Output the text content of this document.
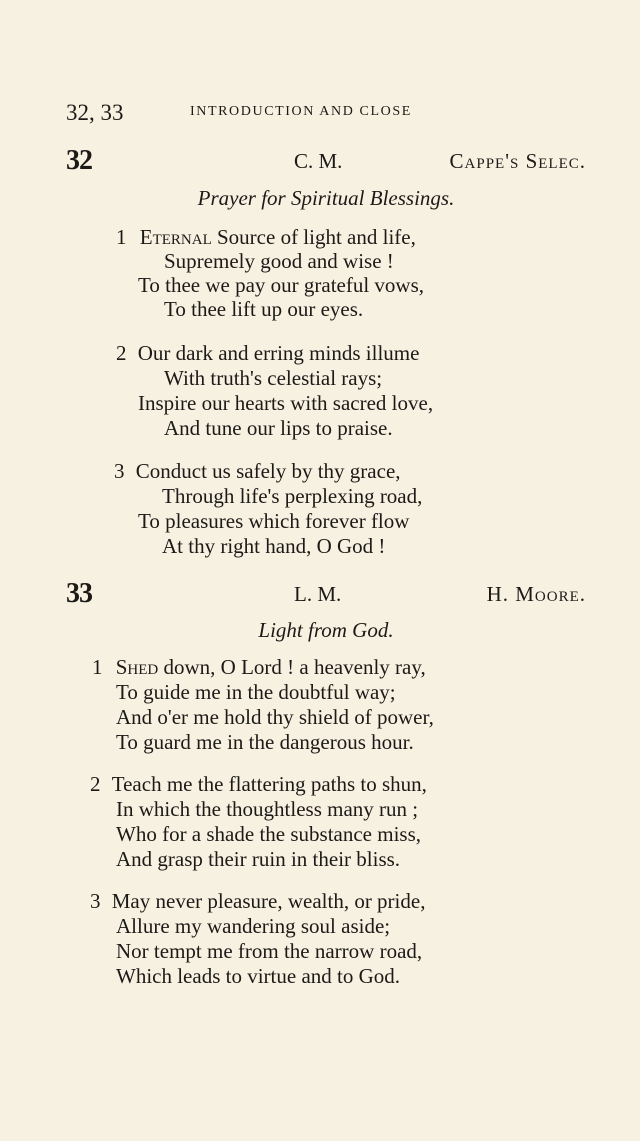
32, 33	INTRODUCTION AND CLOSE
32	C. M.	Cappe's Selec.
Prayer for Spiritual Blessings.
1 Eternal Source of light and life,
Supremely good and wise !
To thee we pay our grateful vows,
To thee lift up our eyes.
2 Our dark and erring minds illume
With truth's celestial rays;
Inspire our hearts with sacred love,
And tune our lips to praise.
3 Conduct us safely by thy grace,
Through life's perplexing road,
To pleasures which forever flow
At thy right hand, O God !
33	L. M.	H. Moore.
Light from God.
1 Shed down, O Lord ! a heavenly ray,
To guide me in the doubtful way;
And o'er me hold thy shield of power,
To guard me in the dangerous hour.
2 Teach me the flattering paths to shun,
In which the thoughtless many run ;
Who for a shade the substance miss,
And grasp their ruin in their bliss.
3 May never pleasure, wealth, or pride,
Allure my wandering soul aside;
Nor tempt me from the narrow road,
Which leads to virtue and to God.
